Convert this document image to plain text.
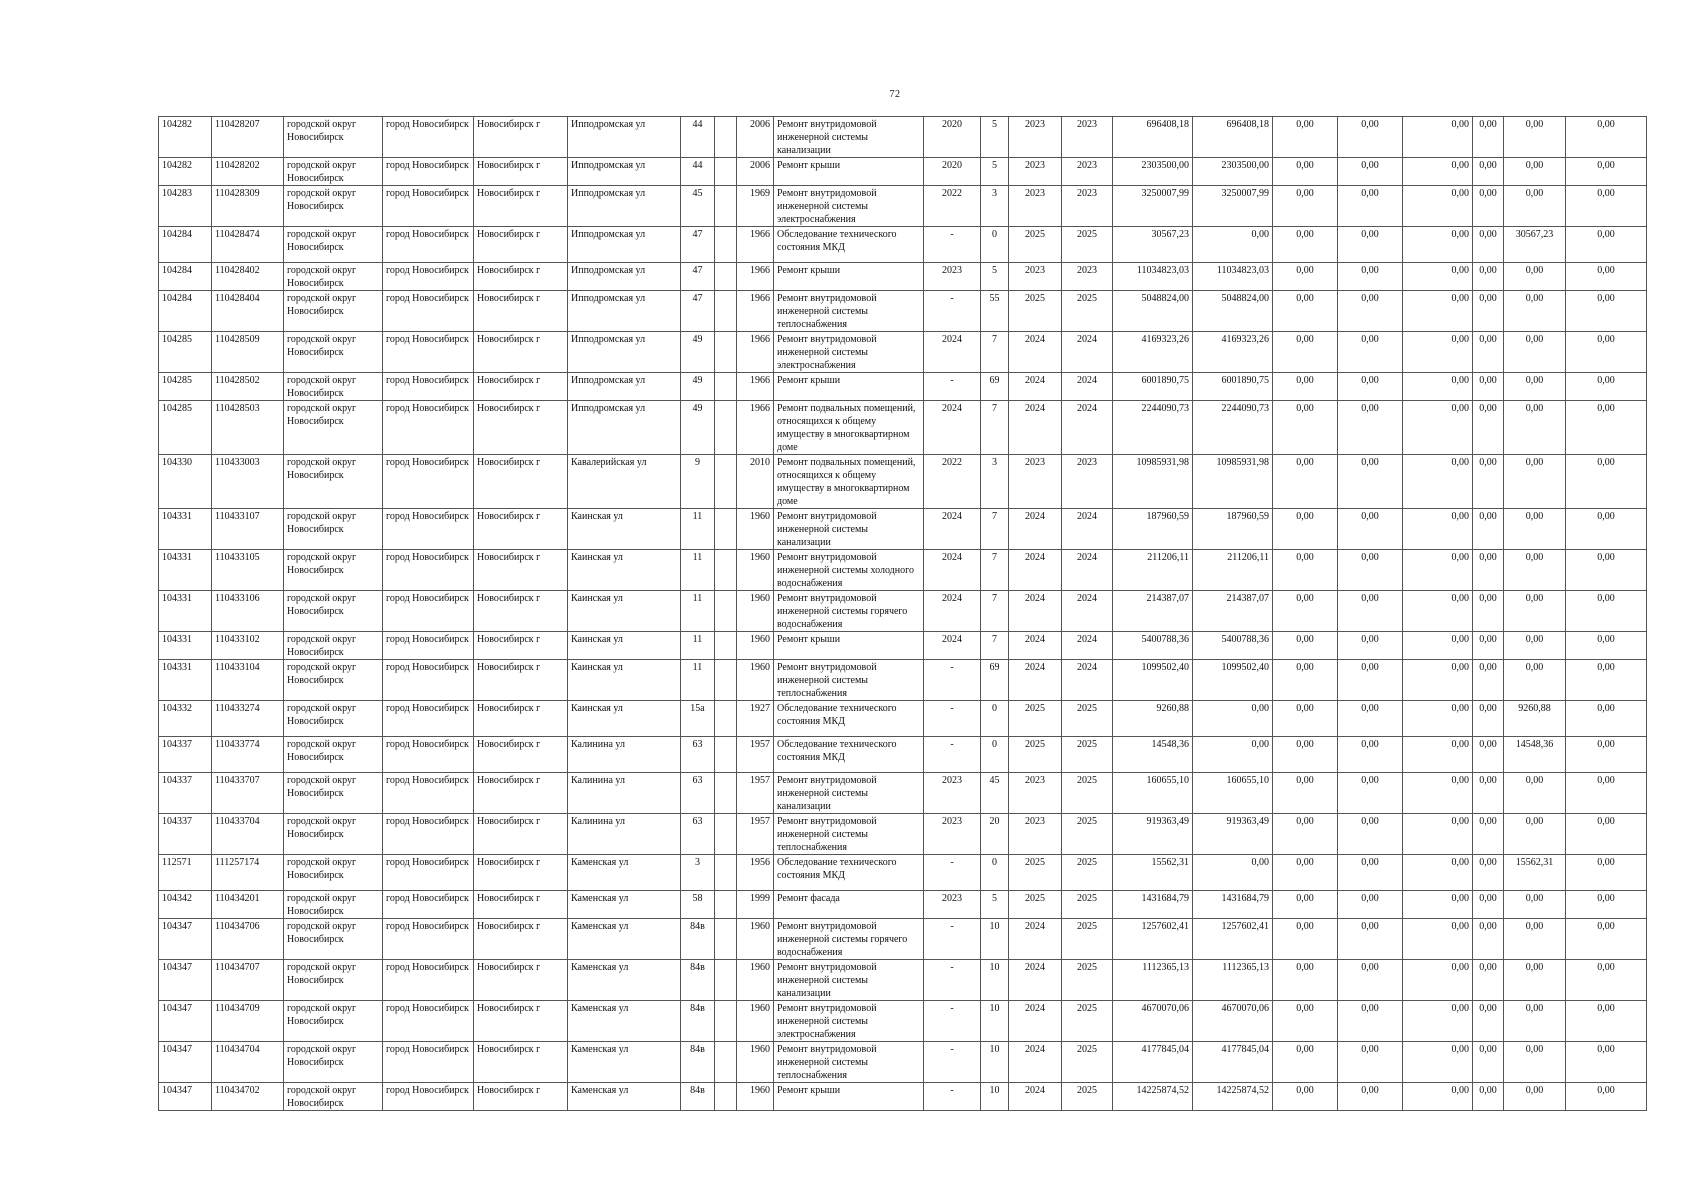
72
104282	110428207	городской округ Новосибирск	город Новосибирск	Новосибирск г	Ипподромская ул	44		2006	Ремонт внутридомовой инженерной системы канализации	2020	5	2023	2023	696408,18	696408,18	0,00	0,00	0,00	0,00	0,00	0,00
104282	110428202	городской округ Новосибирск	город Новосибирск	Новосибирск г	Ипподромская ул	44		2006	Ремонт крыши	2020	5	2023	2023	2303500,00	2303500,00	0,00	0,00	0,00	0,00	0,00	0,00
104283	110428309	городской округ Новосибирск	город Новосибирск	Новосибирск г	Ипподромская ул	45		1969	Ремонт внутридомовой инженерной системы электроснабжения	2022	3	2023	2023	3250007,99	3250007,99	0,00	0,00	0,00	0,00	0,00	0,00
104284	110428474	городской округ Новосибирск	город Новосибирск	Новосибирск г	Ипподромская ул	47		1966	Обследование технического состояния МКД	-	0	2025	2025	30567,23	0,00	0,00	0,00	0,00	0,00	30567,23	0,00
104284	110428402	городской округ Новосибирск	город Новосибирск	Новосибирск г	Ипподромская ул	47		1966	Ремонт крыши	2023	5	2023	2023	11034823,03	11034823,03	0,00	0,00	0,00	0,00	0,00	0,00
104284	110428404	городской округ Новосибирск	город Новосибирск	Новосибирск г	Ипподромская ул	47		1966	Ремонт внутридомовой инженерной системы теплоснабжения	-	55	2025	2025	5048824,00	5048824,00	0,00	0,00	0,00	0,00	0,00	0,00
104285	110428509	городской округ Новосибирск	город Новосибирск	Новосибирск г	Ипподромская ул	49		1966	Ремонт внутридомовой инженерной системы электроснабжения	2024	7	2024	2024	4169323,26	4169323,26	0,00	0,00	0,00	0,00	0,00	0,00
104285	110428502	городской округ Новосибирск	город Новосибирск	Новосибирск г	Ипподромская ул	49		1966	Ремонт крыши	-	69	2024	2024	6001890,75	6001890,75	0,00	0,00	0,00	0,00	0,00	0,00
104285	110428503	городской округ Новосибирск	город Новосибирск	Новосибирск г	Ипподромская ул	49		1966	Ремонт подвальных помещений, относящихся к общему имуществу в многоквартирном доме	2024	7	2024	2024	2244090,73	2244090,73	0,00	0,00	0,00	0,00	0,00	0,00
104330	110433003	городской округ Новосибирск	город Новосибирск	Новосибирск г	Кавалерийская ул	9		2010	Ремонт подвальных помещений, относящихся к общему имуществу в многоквартирном доме	2022	3	2023	2023	10985931,98	10985931,98	0,00	0,00	0,00	0,00	0,00	0,00
104331	110433107	городской округ Новосибирск	город Новосибирск	Новосибирск г	Каинская ул	11		1960	Ремонт внутридомовой инженерной системы канализации	2024	7	2024	2024	187960,59	187960,59	0,00	0,00	0,00	0,00	0,00	0,00
104331	110433105	городской округ Новосибирск	город Новосибирск	Новосибирск г	Каинская ул	11		1960	Ремонт внутридомовой инженерной системы холодного водоснабжения	2024	7	2024	2024	211206,11	211206,11	0,00	0,00	0,00	0,00	0,00	0,00
104331	110433106	городской округ Новосибирск	город Новосибирск	Новосибирск г	Каинская ул	11		1960	Ремонт внутридомовой инженерной системы горячего водоснабжения	2024	7	2024	2024	214387,07	214387,07	0,00	0,00	0,00	0,00	0,00	0,00
104331	110433102	городской округ Новосибирск	город Новосибирск	Новосибирск г	Каинская ул	11		1960	Ремонт крыши	2024	7	2024	2024	5400788,36	5400788,36	0,00	0,00	0,00	0,00	0,00	0,00
104331	110433104	городской округ Новосибирск	город Новосибирск	Новосибирск г	Каинская ул	11		1960	Ремонт внутридомовой инженерной системы теплоснабжения	-	69	2024	2024	1099502,40	1099502,40	0,00	0,00	0,00	0,00	0,00	0,00
104332	110433274	городской округ Новосибирск	город Новосибирск	Новосибирск г	Каинская ул	15а		1927	Обследование технического состояния МКД	-	0	2025	2025	9260,88	0,00	0,00	0,00	0,00	0,00	9260,88	0,00
104337	110433774	городской округ Новосибирск	город Новосибирск	Новосибирск г	Калинина ул	63		1957	Обследование технического состояния МКД	-	0	2025	2025	14548,36	0,00	0,00	0,00	0,00	0,00	14548,36	0,00
104337	110433707	городской округ Новосибирск	город Новосибирск	Новосибирск г	Калинина ул	63		1957	Ремонт внутридомовой инженерной системы канализации	2023	45	2023	2025	160655,10	160655,10	0,00	0,00	0,00	0,00	0,00	0,00
104337	110433704	городской округ Новосибирск	город Новосибирск	Новосибирск г	Калинина ул	63		1957	Ремонт внутридомовой инженерной системы теплоснабжения	2023	20	2023	2025	919363,49	919363,49	0,00	0,00	0,00	0,00	0,00	0,00
112571	111257174	городской округ Новосибирск	город Новосибирск	Новосибирск г	Каменская ул	3		1956	Обследование технического состояния МКД	-	0	2025	2025	15562,31	0,00	0,00	0,00	0,00	0,00	15562,31	0,00
104342	110434201	городской округ Новосибирск	город Новосибирск	Новосибирск г	Каменская ул	58		1999	Ремонт фасада	2023	5	2025	2025	1431684,79	1431684,79	0,00	0,00	0,00	0,00	0,00	0,00
104347	110434706	городской округ Новосибирск	город Новосибирск	Новосибирск г	Каменская ул	84в		1960	Ремонт внутридомовой инженерной системы горячего водоснабжения	-	10	2024	2025	1257602,41	1257602,41	0,00	0,00	0,00	0,00	0,00	0,00
104347	110434707	городской округ Новосибирск	город Новосибирск	Новосибирск г	Каменская ул	84в		1960	Ремонт внутридомовой инженерной системы канализации	-	10	2024	2025	1112365,13	1112365,13	0,00	0,00	0,00	0,00	0,00	0,00
104347	110434709	городской округ Новосибирск	город Новосибирск	Новосибирск г	Каменская ул	84в		1960	Ремонт внутридомовой инженерной системы электроснабжения	-	10	2024	2025	4670070,06	4670070,06	0,00	0,00	0,00	0,00	0,00	0,00
104347	110434704	городской округ Новосибирск	город Новосибирск	Новосибирск г	Каменская ул	84в		1960	Ремонт внутридомовой инженерной системы теплоснабжения	-	10	2024	2025	4177845,04	4177845,04	0,00	0,00	0,00	0,00	0,00	0,00
104347	110434702	городской округ Новосибирск	город Новосибирск	Новосибирск г	Каменская ул	84в		1960	Ремонт крыши	-	10	2024	2025	14225874,52	14225874,52	0,00	0,00	0,00	0,00	0,00	0,00
